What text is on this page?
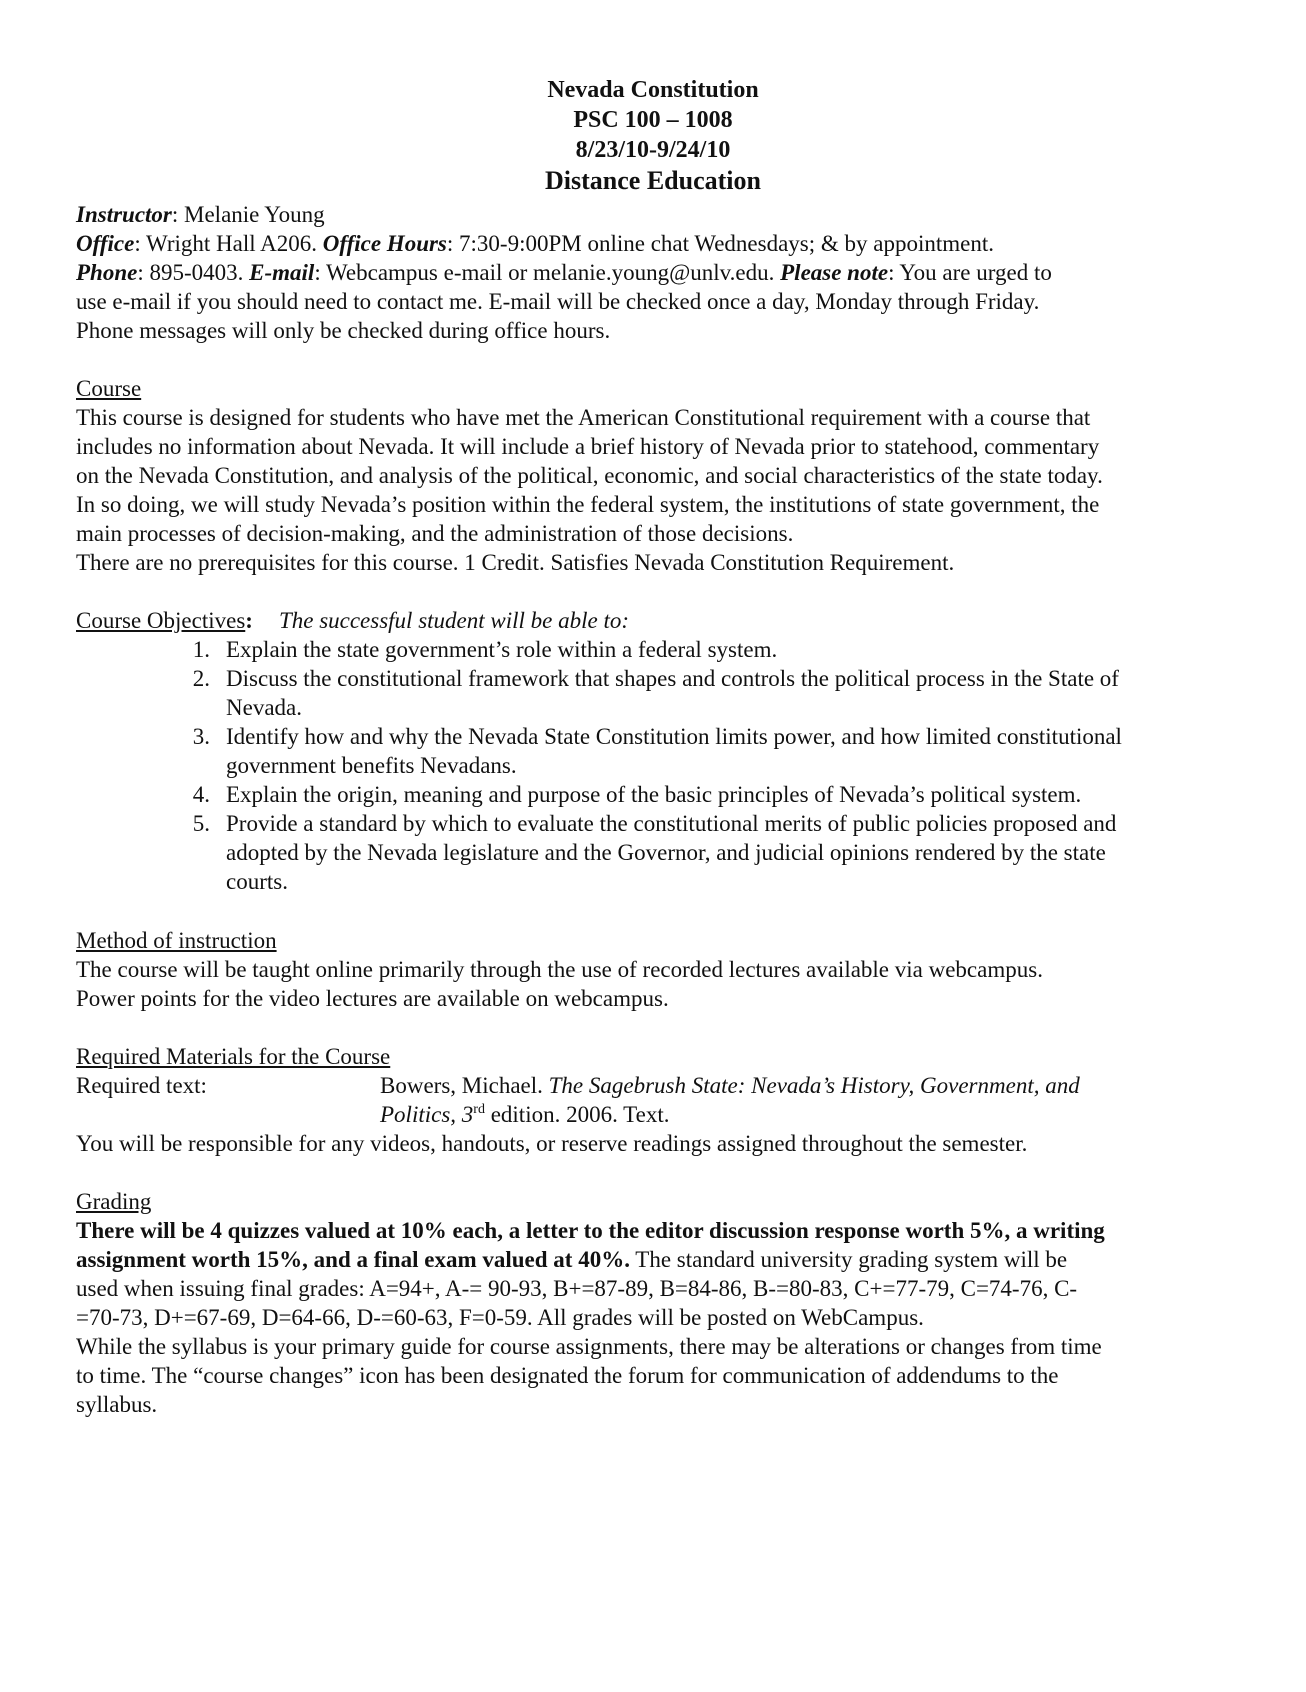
Nevada Constitution
PSC 100 – 1008
8/23/10-9/24/10
Distance Education
Instructor: Melanie Young
Office: Wright Hall A206. Office Hours: 7:30-9:00PM online chat Wednesdays; & by appointment.
Phone: 895-0403. E-mail: Webcampus e-mail or melanie.young@unlv.edu. Please note: You are urged to
use e-mail if you should need to contact me. E-mail will be checked once a day, Monday through Friday.
Phone messages will only be checked during office hours.
Course
This course is designed for students who have met the American Constitutional requirement with a course that
includes no information about Nevada. It will include a brief history of Nevada prior to statehood, commentary
on the Nevada Constitution, and analysis of the political, economic, and social characteristics of the state today.
In so doing, we will study Nevada’s position within the federal system, the institutions of state government, the
main processes of decision-making, and the administration of those decisions.
There are no prerequisites for this course. 1 Credit. Satisfies Nevada Constitution Requirement.
Course Objectives: The successful student will be able to:
1. Explain the state government’s role within a federal system.
2. Discuss the constitutional framework that shapes and controls the political process in the State of
Nevada.
3. Identify how and why the Nevada State Constitution limits power, and how limited constitutional
government benefits Nevadans.
4. Explain the origin, meaning and purpose of the basic principles of Nevada’s political system.
5. Provide a standard by which to evaluate the constitutional merits of public policies proposed and
adopted by the Nevada legislature and the Governor, and judicial opinions rendered by the state
courts.
Method of instruction
The course will be taught online primarily through the use of recorded lectures available via webcampus.
Power points for the video lectures are available on webcampus.
Required Materials for the Course
Required text:	Bowers, Michael. The Sagebrush State: Nevada’s History, Government, and
Politics, 3rd edition. 2006. Text.
You will be responsible for any videos, handouts, or reserve readings assigned throughout the semester.
Grading
There will be 4 quizzes valued at 10% each, a letter to the editor discussion response worth 5%, a writing
assignment worth 15%, and a final exam valued at 40%. The standard university grading system will be
used when issuing final grades: A=94+, A-= 90-93, B+=87-89, B=84-86, B-=80-83, C+=77-79, C=74-76, C-
=70-73, D+=67-69, D=64-66, D-=60-63, F=0-59. All grades will be posted on WebCampus.
While the syllabus is your primary guide for course assignments, there may be alterations or changes from time
to time. The “course changes” icon has been designated the forum for communication of addendums to the
syllabus.
